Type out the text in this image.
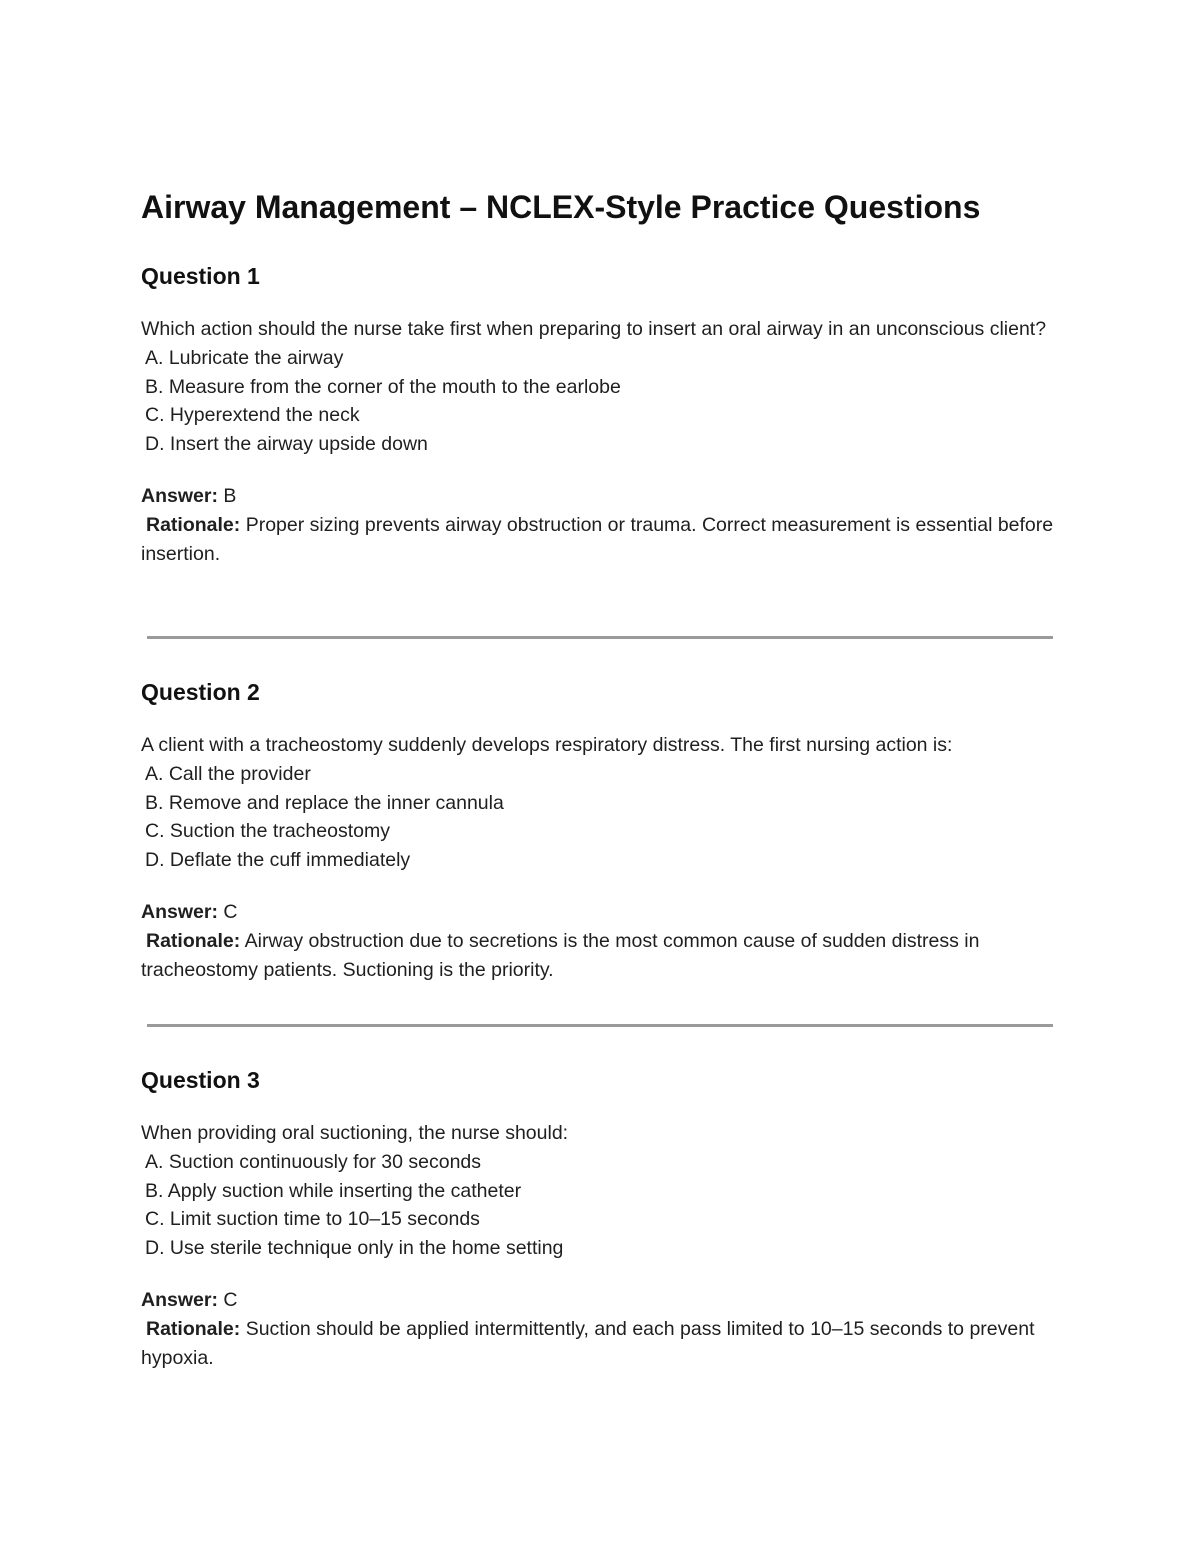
Airway Management – NCLEX-Style Practice Questions
Question 1

Which action should the nurse take first when preparing to insert an oral airway in an unconscious client?

A. Lubricate the airway

B. Measure from the corner of the mouth to the earlobe

C. Hyperextend the neck

D. Insert the airway upside down

Answer: B

Rationale: Proper sizing prevents airway obstruction or trauma. Correct measurement is essential before insertion.

Question 2

A client with a tracheostomy suddenly develops respiratory distress. The first nursing action is:

A. Call the provider

B. Remove and replace the inner cannula

C. Suction the tracheostomy

D. Deflate the cuff immediately

Answer: C

Rationale: Airway obstruction due to secretions is the most common cause of sudden distress in tracheostomy patients. Suctioning is the priority.

Question 3

When providing oral suctioning, the nurse should:

A. Suction continuously for 30 seconds

B. Apply suction while inserting the catheter

C. Limit suction time to 10–15 seconds

D. Use sterile technique only in the home setting

Answer: C

Rationale: Suction should be applied intermittently, and each pass limited to 10–15 seconds to prevent hypoxia.
